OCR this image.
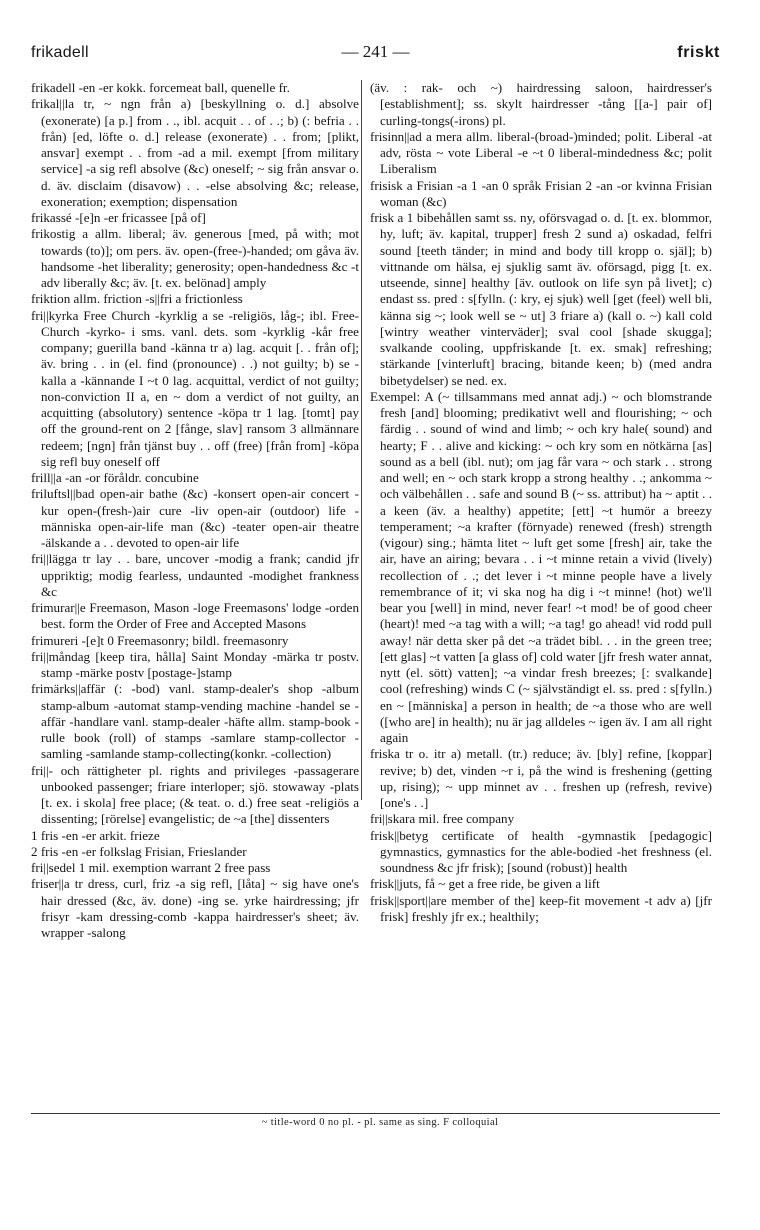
frikadell	— 241 —	friskt

frikadell -en -er kokk. forcemeat ball, quenelle fr.

frikal||la tr, ~ ngn från a) [beskyllning o. d.] absolve (exonerate) [a p.] from . ., ibl. acquit . . of . .; b) (: befria . . från) [ed, löfte o. d.] release (exonerate) . . from; [plikt, ansvar] exempt . . from -ad a mil. exempt [from military service] -a sig refl absolve (&c) oneself; ~ sig från ansvar o. d. äv. disclaim (disavow) . . -else absolving &c; release, exoneration; exemption; dispensation

frikassé -[e]n -er fricassee [på of]

frikostig a allm. liberal; äv. generous [med, på with; mot towards (to)]; om pers. äv. open-(free-)-handed; om gåva äv. handsome -het liberality; generosity; open-handedness &c -t adv liberally &c; äv. [t. ex. belönad] amply

friktion allm. friction -s||fri a frictionless

fri||kyrka Free Church -kyrklig a se -religiös, låg-; ibl. Free-Church -kyrko- i sms. vanl. dets. som -kyrklig -kår free company; guerilla band -känna tr a) lag. acquit [. . från of]; äv. bring . . in (el. find (pronounce) . .) not guilty; b) se -kalla a -kännande I ~t 0 lag. acquittal, verdict of not guilty; non-conviction II a, en ~ dom a verdict of not guilty, an acquitting (absolutory) sentence -köpa tr 1 lag. [tomt] pay off the ground-rent on 2 [fånge, slav] ransom 3 allmännare redeem; [ngn] från tjänst buy . . off (free) [från from] -köpa sig refl buy oneself off

frill||a -an -or föråldr. concubine

friluftsl||bad open-air bathe (&c) -konsert open-air concert -kur open-(fresh-)air cure -liv open-air (outdoor) life -människa open-air-life man (&c) -teater open-air theatre -älskande a . . devoted to open-air life

fri||lägga tr lay . . bare, uncover -modig a frank; candid jfr uppriktig; modig fearless, undaunted -modighet frankness &c

frimurar||e Freemason, Mason -loge Freemasons' lodge -orden best. form the Order of Free and Accepted Masons

frimureri -[e]t 0 Freemasonry; bildl. freemasonry

fri||måndag [keep tira, hålla] Saint Monday -märka tr postv. stamp -märke postv [postage-]stamp

frimärks||affär (: -bod) vanl. stamp-dealer's shop -album stamp-album -automat stamp-vending machine -handel se -affär -handlare vanl. stamp-dealer -häfte allm. stamp-book -rulle book (roll) of stamps -samlare stamp-collector -samling -samlande stamp-collecting(konkr. -collection)

fri||- och rättigheter pl. rights and privileges -passagerare unbooked passenger; friare interloper; sjö. stowaway -plats [t. ex. i skola] free place; (& teat. o. d.) free seat -religiös a dissenting; [rörelse] evangelistic; de ~a [the] dissenters

1 fris -en -er arkit. frieze

2 fris -en -er folkslag Frisian, Frieslander

fri||sedel 1 mil. exemption warrant 2 free pass

friser||a tr dress, curl, friz -a sig refl, [låta] ~ sig have one's hair dressed (&c, äv. done) -ing se. yrke hairdressing; jfr frisyr -kam dressing-comb -kappa hairdresser's sheet; äv. wrapper -salong

(äv. : rak- och ~) hairdressing saloon, hairdresser's [establishment]; ss. skylt hairdresser -tång [[a-] pair of] curling-tongs(-irons) pl.

frisinn||ad a mera allm. liberal-(broad-)minded; polit. Liberal -at adv, rösta ~ vote Liberal -e ~t 0 liberal-mindedness &c; polit Liberalism

frisisk a Frisian -a 1 -an 0 språk Frisian 2 -an -or kvinna Frisian woman (&c)

frisk a 1 bibehållen samt ss. ny, oförsvagad o. d. [t. ex. blommor, hy, luft; äv. kapital, trupper] fresh 2 sund a) oskadad, felfri sound [teeth tänder; in mind and body till kropp o. själ]; b) vittnande om hälsa, ej sjuklig samt äv. oförsagd, pigg [t. ex. utseende, sinne] healthy [äv. outlook on life syn på livet]; c) endast ss. pred : s[fylln. (: kry, ej sjuk) well [get (feel) well bli, känna sig ~; look well se ~ ut] 3 friare a) (kall o. ~) kall cold [wintry weather vinterväder]; sval cool [shade skugga]; svalkande cooling, uppfriskande [t. ex. smak] refreshing; stärkande [vinterluft] bracing, bitande keen; b) (med andra bibetydelser) se ned. ex.

Exempel: A (~ tillsammans med annat adj.) ~ och blomstrande fresh [and] blooming; predikativt well and flourishing; ~ och färdig . . sound of wind and limb; ~ och kry hale( sound) and hearty; F . . alive and kicking: ~ och kry som en nötkärna [as] sound as a bell (ibl. nut); om jag får vara ~ och stark . . strong and well; en ~ och stark kropp a strong healthy . .; ankomma ~ och välbehållen . . safe and sound B (~ ss. attribut) ha ~ aptit . . a keen (äv. a healthy) appetite; [ett] ~t humör a breezy temperament; ~a krafter (förnyade) renewed (fresh) strength (vigour) sing.; hämta litet ~ luft get some [fresh] air, take the air, have an airing; bevara . . i ~t minne retain a vivid (lively) recollection of . .; det lever i ~t minne people have a lively remembrance of it; vi ska nog ha dig i ~t minne! (hot) we'll bear you [well] in mind, never fear! ~t mod! be of good cheer (heart)! med ~a tag with a will; ~a tag! go ahead! vid rodd pull away! när detta sker på det ~a trädet bibl. . . in the green tree; [ett glas] ~t vatten [a glass of] cold water [jfr fresh water annat, nytt (el. sött) vatten]; ~a vindar fresh breezes; [: svalkande] cool (refreshing) winds C (~ självständigt el. ss. pred : s[fylln.) en ~ [människa] a person in health; de ~a those who are well ([who are] in health); nu är jag alldeles ~ igen äv. I am all right again

friska tr o. itr a) metall. (tr.) reduce; äv. [bly] refine, [koppar] revive; b) det, vinden ~r i, på the wind is freshening (getting up, rising); ~ upp minnet av . . freshen up (refresh, revive) [one's . .]

fri||skara mil. free company

frisk||betyg certificate of health -gymnastik [pedagogic] gymnastics, gymnastics for the able-bodied -het freshness (el. soundness &c jfr frisk); [sound (robust)] health

frisk||juts, få ~ get a free ride, be given a lift

frisk||sport||are member of the] keep-fit movement -t adv a) [jfr frisk] freshly jfr ex.; healthily;

~ title-word 0 no pl. - pl. same as sing. F colloquial
